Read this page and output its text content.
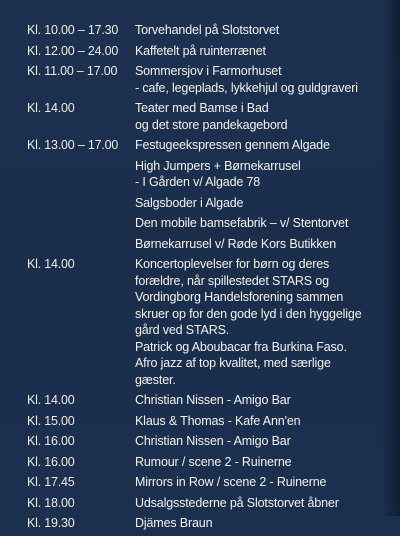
Kl. 10.00 – 17.30	Torvehandel på Slotstorvet
Kl. 12.00 – 24.00	Kaffetelt på ruinterrænet
Kl. 11.00 – 17.00	Sommersjov i Farmorhuset
- cafe, legeplads, lykkehjul og guldgraveri
Kl. 14.00	Teater med Bamse i Bad
og det store pandekagebord
Kl. 13.00 – 17.00	Festugeekspressen gennem Algade
High Jumpers + Børnekarrusel
- I Gården v/ Algade 78
Salgsboder i Algade
Den mobile bamsefabrik – v/ Stentorvet
Børnekarrusel v/ Røde Kors Butikken
Kl. 14.00	Koncertoplevelser for børn og deres
forældre, når spillestedet STARS og
Vordingborg Handelsforening sammen
skruer op for den gode lyd i den hyggelige
gård ved STARS.
Patrick og Aboubacar fra Burkina Faso.
Afro jazz af top kvalitet, med særlige
gæster.
Kl. 14.00	Christian Nissen - Amigo Bar
Kl. 15.00	Klaus & Thomas - Kafe Ann'en
Kl. 16.00	Christian Nissen - Amigo Bar
Kl. 16.00	Rumour / scene 2 - Ruinerne
Kl. 17.45	Mirrors in Row / scene 2 - Ruinerne
Kl. 18.00	Udsalgsstederne på Slotstorvet åbner
Kl. 19.30	Djämes Braun
